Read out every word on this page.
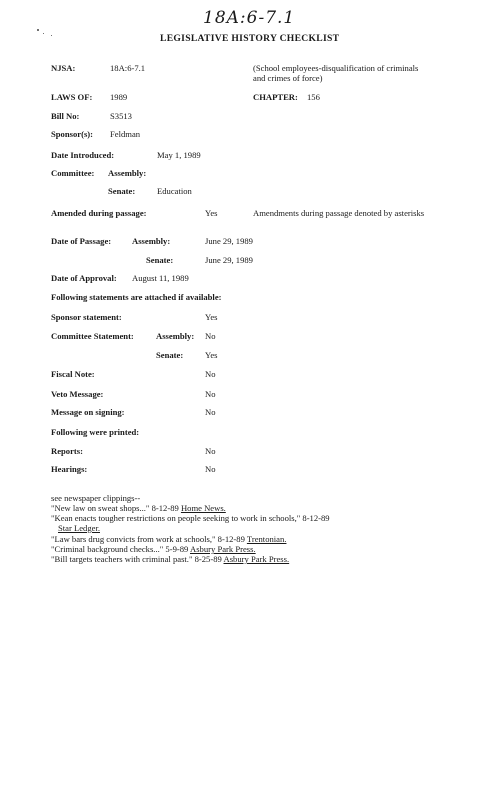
18A:6-7.1
LEGISLATIVE HISTORY CHECKLIST
NJSA:	18A:6-7.1	(School employees-disqualification of criminals and crimes of force)
LAWS OF: 1989	CHAPTER: 156
Bill No:	S3513
Sponsor(s): Feldman
Date Introduced:	May 1, 1989
Committee: Assembly:
Senate:	Education
Amended during passage:	Yes	Amendments during passage denoted by asterisks
Date of Passage: Assembly:	June 29, 1989
Senate:	June 29, 1989
Date of Approval: August 11, 1989
Following statements are attached if available:
Sponsor statement:	Yes
Committee Statement:	Assembly: No
Senate:	Yes
Fiscal Note:	No
Veto Message:	No
Message on signing:	No
Following were printed:
Reports:	No
Hearings:	No
see newspaper clippings--
"New law on sweat shops..." 8-12-89 Home News.
"Kean enacts tougher restrictions on people seeking to work in schools," 8-12-89
Star Ledger.
"Law bars drug convicts from work at schools," 8-12-89 Trentonian.
"Criminal background checks..." 5-9-89 Asbury Park Press.
"Bill targets teachers with criminal past." 8-25-89 Asbury Park Press.
